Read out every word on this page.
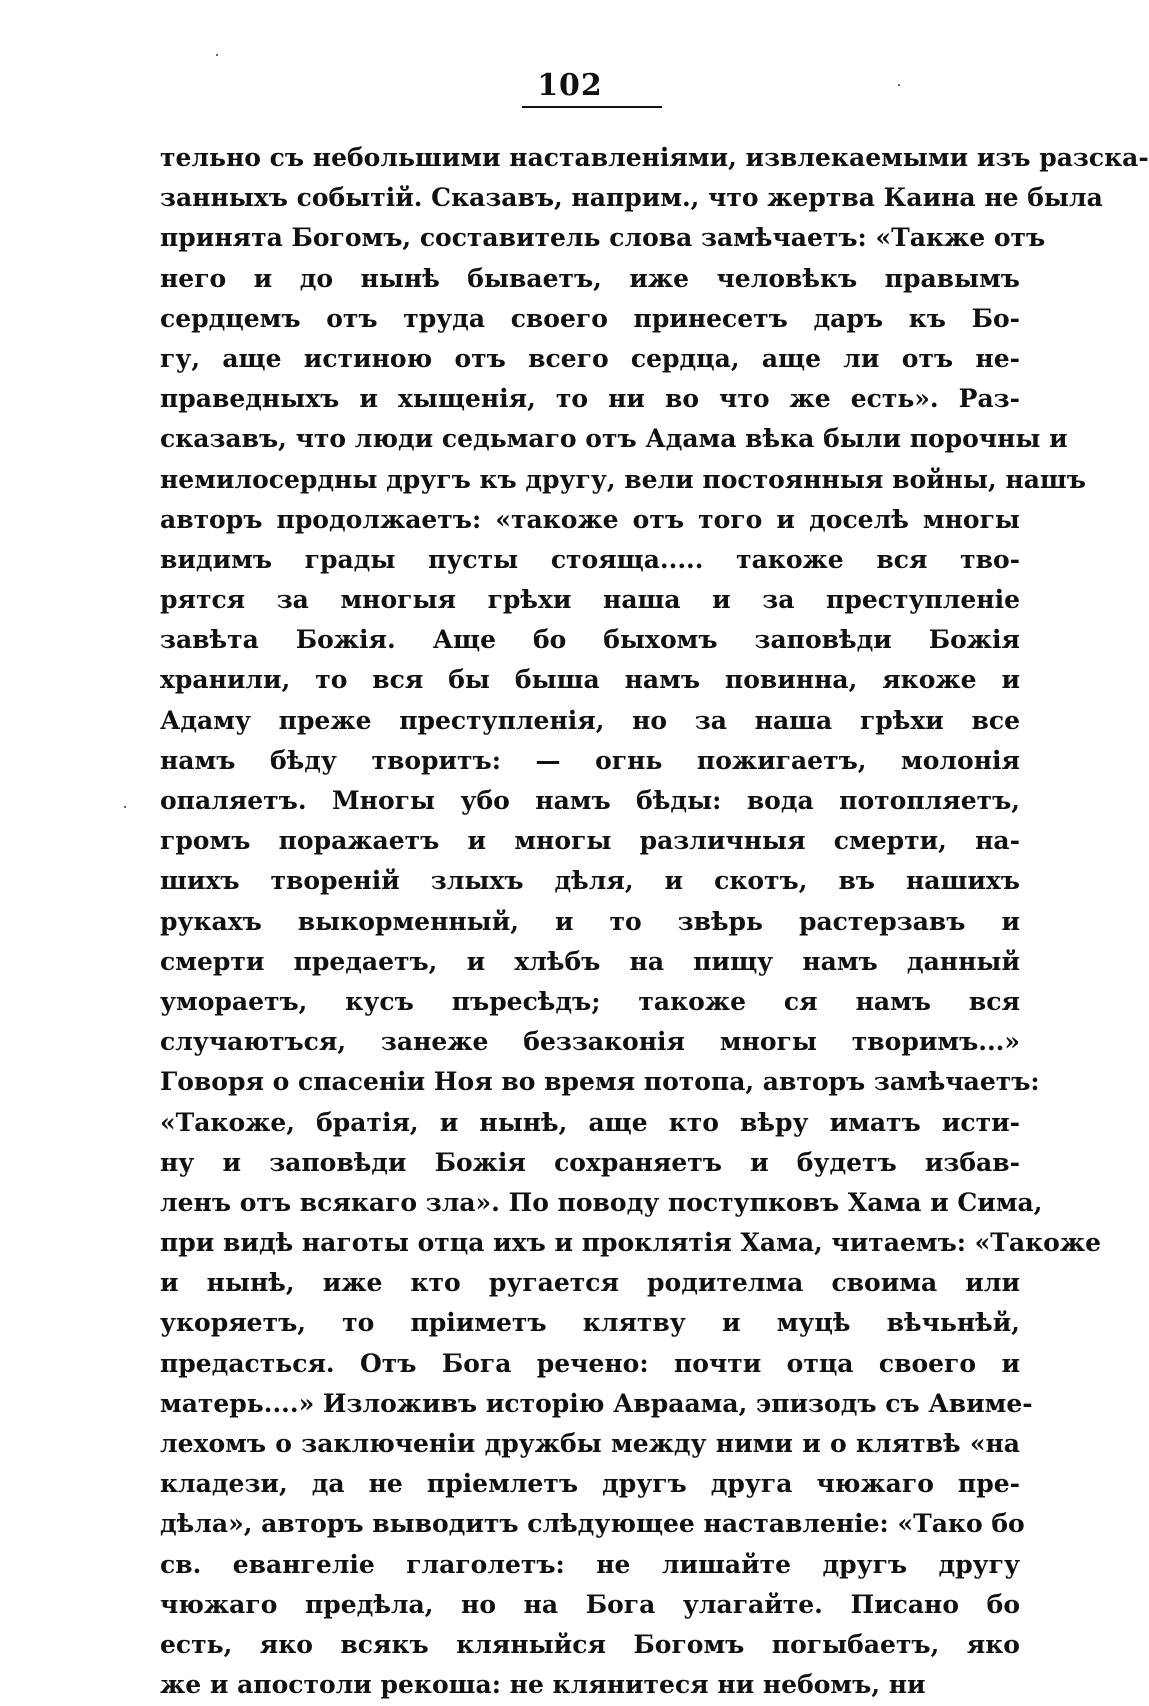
102
тельно съ небольшими наставленіями, извлекаемыми изъ разска-
занныхъ событій. Сказавъ, наприм., что жертва Каина не была
принята Богомъ, составитель слова замѣчаетъ: «Также отъ
него и до нынѣ бываетъ, иже человѣкъ правымъ
сердцемъ отъ труда своего принесетъ даръ къ Бо-
гу, аще истиною отъ всего сердца, аще ли отъ не-
праведныхъ и хыщенія, то ни во что же есть». Раз-
сказавъ, что люди седьмаго отъ Адама вѣка были порочны и
немилосердны другъ къ другу, вели постоянныя войны, нашъ
авторъ продолжаетъ: «такоже отъ того и доселѣ многы
видимъ грады пусты стояща..... такоже вся тво-
рятся за многыя грѣхи наша и за преступленіе
завѣта Божія. Аще бо быхомъ заповѣди Божія
хранили, то вся бы быша намъ повинна, якоже и
Адаму преже преступленія, но за наша грѣхи все
намъ бѣду творитъ: — огнь пожигаетъ, молонія
опаляетъ. Многы убо намъ бѣды: вода потопляетъ,
громъ поражаетъ и многы различныя смерти, на-
шихъ твореній злыхъ дѣля, и скотъ, въ нашихъ
рукахъ выкорменный, и то звѣрь растерзавъ и
смерти предаетъ, и хлѣбъ на пищу намъ данный
умораетъ, кусъ пъресѣдъ; такоже ся намъ вся
случаютъся, занеже беззаконія многы творимъ...»
Говоря о спасеніи Ноя во время потопа, авторъ замѣчаетъ:
«Такоже, братія, и нынѣ, аще кто вѣру иматъ исти-
ну и заповѣди Божія сохраняетъ и будетъ избав-
ленъ отъ всякаго зла». По поводу поступковъ Хама и Сима,
при видѣ наготы отца ихъ и проклятія Хама, читаемъ: «Такоже
и нынѣ, иже кто ругается родителма своима или
укоряетъ, то пріиметъ клятву и муцѣ вѣчьнѣй,
предасться. Отъ Бога речено: почти отца своего и
матерь....» Изложивъ исторію Авраама, эпизодъ съ Авиме-
лехомъ о заключеніи дружбы между ними и о клятвѣ «на
кладези, да не пріемлетъ другъ друга чюжаго пре-
дѣла», авторъ выводитъ слѣдующее наставленіе: «Тако бо
св. евангеліе глаголетъ: не лишайте другъ другу
чюжаго предѣла, но на Бога улагайте. Писано бо
есть, яко всякъ кляныйся Богомъ погыбаетъ, яко
же и апостоли рекоша: не клянитеся ни небомъ, ни
